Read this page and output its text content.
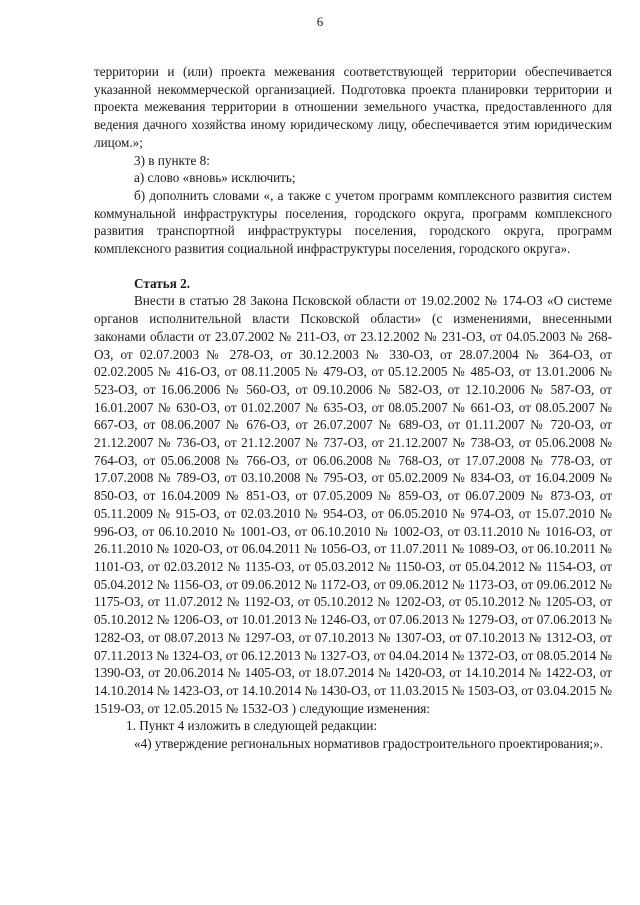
6

территории и (или) проекта межевания соответствующей территории обеспечивается указанной некоммерческой организацией. Подготовка проекта планировки территории и проекта межевания территории в отношении земельного участка, предоставленного для ведения дачного хозяйства иному юридическому лицу, обеспечивается этим юридическим лицом.»;

3) в пункте 8:

а) слово «вновь» исключить;

б) дополнить словами «, а также с учетом программ комплексного развития систем коммунальной инфраструктуры поселения, городского округа, программ комплексного развития транспортной инфраструктуры поселения, городского округа, программ комплексного развития социальной инфраструктуры поселения, городского округа».

Статья 2.

Внести в статью 28 Закона Псковской области от 19.02.2002 № 174-ОЗ «О системе органов исполнительной власти Псковской области» (с изменениями, внесенными законами области от 23.07.2002 № 211-ОЗ, от 23.12.2002 № 231-ОЗ, от 04.05.2003 № 268-ОЗ, от 02.07.2003 № 278-ОЗ, от 30.12.2003 № 330-ОЗ, от 28.07.2004 № 364-ОЗ, от 02.02.2005 № 416-ОЗ, от 08.11.2005 № 479-ОЗ, от 05.12.2005 № 485-ОЗ, от 13.01.2006 № 523-ОЗ, от 16.06.2006 № 560-ОЗ, от 09.10.2006 № 582-ОЗ, от 12.10.2006 № 587-ОЗ, от 16.01.2007 № 630-ОЗ, от 01.02.2007 № 635-ОЗ, от 08.05.2007 № 661-ОЗ, от 08.05.2007 № 667-ОЗ, от 08.06.2007 № 676-ОЗ, от 26.07.2007 № 689-ОЗ, от 01.11.2007 № 720-ОЗ, от 21.12.2007 № 736-ОЗ, от 21.12.2007 № 737-ОЗ, от 21.12.2007 № 738-ОЗ, от 05.06.2008 № 764-ОЗ, от 05.06.2008 № 766-ОЗ, от 06.06.2008 № 768-ОЗ, от 17.07.2008 № 778-ОЗ, от 17.07.2008 № 789-ОЗ, от 03.10.2008 № 795-ОЗ, от 05.02.2009 № 834-ОЗ, от 16.04.2009 № 850-ОЗ, от 16.04.2009 № 851-ОЗ, от 07.05.2009 № 859-ОЗ, от 06.07.2009 № 873-ОЗ, от 05.11.2009 № 915-ОЗ, от 02.03.2010 № 954-ОЗ, от 06.05.2010 № 974-ОЗ, от 15.07.2010 № 996-ОЗ, от 06.10.2010 № 1001-ОЗ, от 06.10.2010 № 1002-ОЗ, от 03.11.2010 № 1016-ОЗ, от 26.11.2010 № 1020-ОЗ, от 06.04.2011 № 1056-ОЗ, от 11.07.2011 № 1089-ОЗ, от 06.10.2011 № 1101-ОЗ, от 02.03.2012 № 1135-ОЗ, от 05.03.2012 № 1150-ОЗ, от 05.04.2012 № 1154-ОЗ, от 05.04.2012 № 1156-ОЗ, от 09.06.2012 № 1172-ОЗ, от 09.06.2012 № 1173-ОЗ, от 09.06.2012 № 1175-ОЗ, от 11.07.2012 № 1192-ОЗ, от 05.10.2012 № 1202-ОЗ, от 05.10.2012 № 1205-ОЗ, от 05.10.2012 № 1206-ОЗ, от 10.01.2013 № 1246-ОЗ, от 07.06.2013 № 1279-ОЗ, от 07.06.2013 № 1282-ОЗ, от 08.07.2013 № 1297-ОЗ, от 07.10.2013 № 1307-ОЗ, от 07.10.2013 № 1312-ОЗ, от 07.11.2013 № 1324-ОЗ, от 06.12.2013 № 1327-ОЗ, от 04.04.2014 № 1372-ОЗ, от 08.05.2014 № 1390-ОЗ, от 20.06.2014 № 1405-ОЗ, от 18.07.2014 № 1420-ОЗ, от 14.10.2014 № 1422-ОЗ, от 14.10.2014 № 1423-ОЗ, от 14.10.2014 № 1430-ОЗ, от 11.03.2015 № 1503-ОЗ, от 03.04.2015 № 1519-ОЗ, от 12.05.2015 № 1532-ОЗ ) следующие изменения:

1. Пункт 4 изложить в следующей редакции:

«4) утверждение региональных нормативов градостроительного проектирования;».
